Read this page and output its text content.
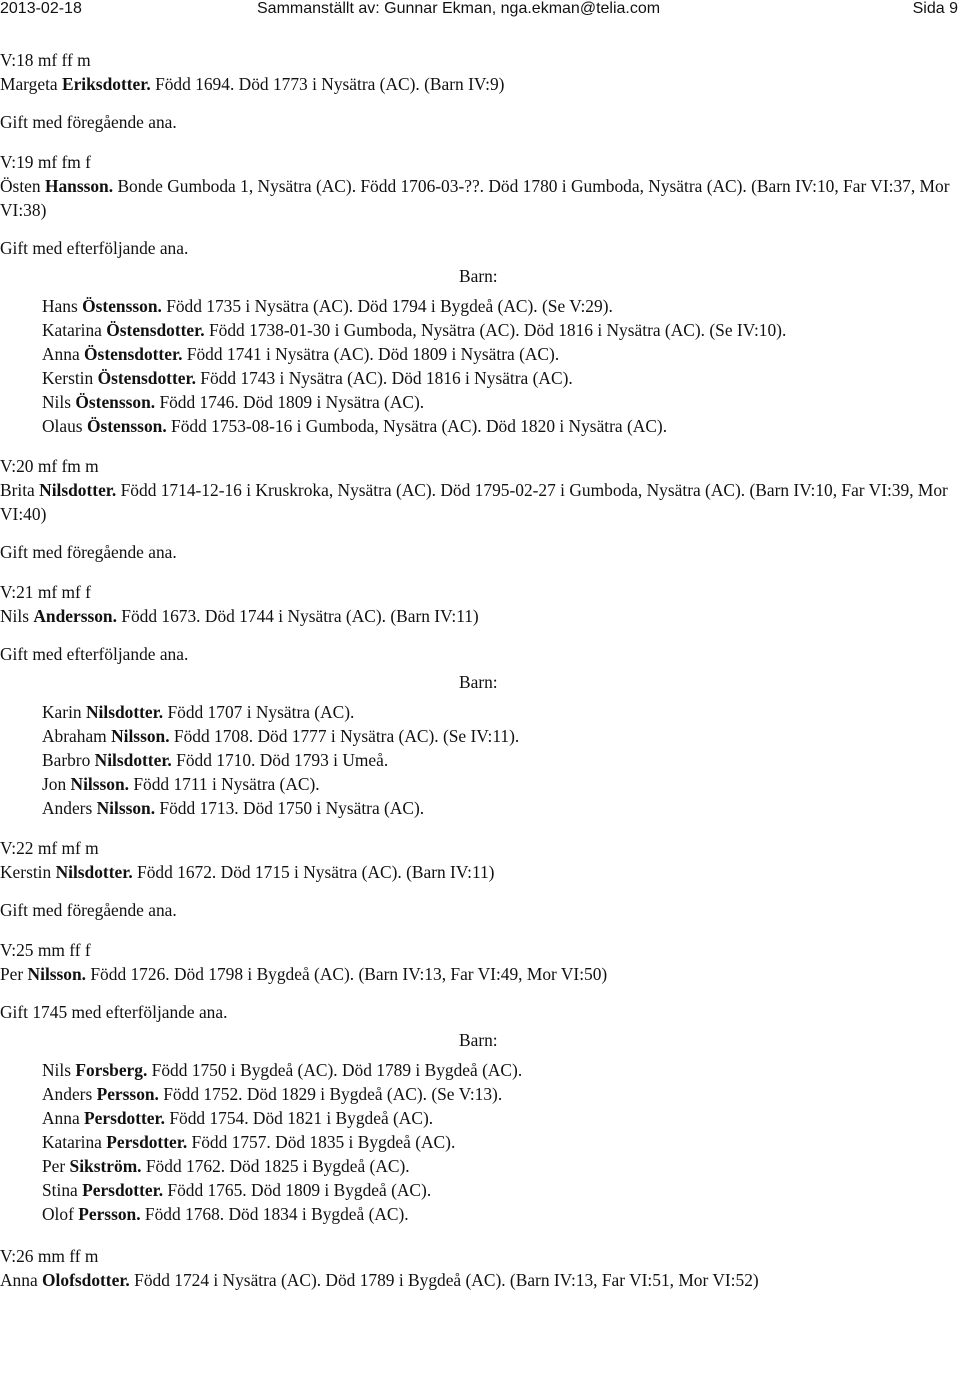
2013-02-18	Sammanställt av: Gunnar Ekman, nga.ekman@telia.com	Sida 9
V:18 mf ff m
Margeta Eriksdotter. Född 1694. Död 1773 i Nysätra (AC). (Barn IV:9)
Gift med föregående ana.
V:19 mf fm f
Östen Hansson. Bonde Gumboda 1, Nysätra (AC). Född 1706-03-??. Död 1780 i Gumboda, Nysätra (AC). (Barn IV:10, Far VI:37, Mor VI:38)
Gift med efterföljande ana.
Barn:
Hans Östensson. Född 1735 i Nysätra (AC). Död 1794 i Bygdeå (AC). (Se V:29).
Katarina Östensdotter. Född 1738-01-30 i Gumboda, Nysätra (AC). Död 1816 i Nysätra (AC). (Se IV:10).
Anna Östensdotter. Född 1741 i Nysätra (AC). Död 1809 i Nysätra (AC).
Kerstin Östensdotter. Född 1743 i Nysätra (AC). Död 1816 i Nysätra (AC).
Nils Östensson. Född 1746. Död 1809 i Nysätra (AC).
Olaus Östensson. Född 1753-08-16 i Gumboda, Nysätra (AC). Död 1820 i Nysätra (AC).
V:20 mf fm m
Brita Nilsdotter. Född 1714-12-16 i Kruskroka, Nysätra (AC). Död 1795-02-27 i Gumboda, Nysätra (AC). (Barn IV:10, Far VI:39, Mor VI:40)
Gift med föregående ana.
V:21 mf mf f
Nils Andersson. Född 1673. Död 1744 i Nysätra (AC). (Barn IV:11)
Gift med efterföljande ana.
Barn:
Karin Nilsdotter. Född 1707 i Nysätra (AC).
Abraham Nilsson. Född 1708. Död 1777 i Nysätra (AC). (Se IV:11).
Barbro Nilsdotter. Född 1710. Död 1793 i Umeå.
Jon Nilsson. Född 1711 i Nysätra (AC).
Anders Nilsson. Född 1713. Död 1750 i Nysätra (AC).
V:22 mf mf m
Kerstin Nilsdotter. Född 1672. Död 1715 i Nysätra (AC). (Barn IV:11)
Gift med föregående ana.
V:25 mm ff f
Per Nilsson. Född 1726. Död 1798 i Bygdeå (AC). (Barn IV:13, Far VI:49, Mor VI:50)
Gift 1745 med efterföljande ana.
Barn:
Nils Forsberg. Född 1750 i Bygdeå (AC). Död 1789 i Bygdeå (AC).
Anders Persson. Född 1752. Död 1829 i Bygdeå (AC). (Se V:13).
Anna Persdotter. Född 1754. Död 1821 i Bygdeå (AC).
Katarina Persdotter. Född 1757. Död 1835 i Bygdeå (AC).
Per Sikström. Född 1762. Död 1825 i Bygdeå (AC).
Stina Persdotter. Född 1765. Död 1809 i Bygdeå (AC).
Olof Persson. Född 1768. Död 1834 i Bygdeå (AC).
V:26 mm ff m
Anna Olofsdotter. Född 1724 i Nysätra (AC). Död 1789 i Bygdeå (AC). (Barn IV:13, Far VI:51, Mor VI:52)
